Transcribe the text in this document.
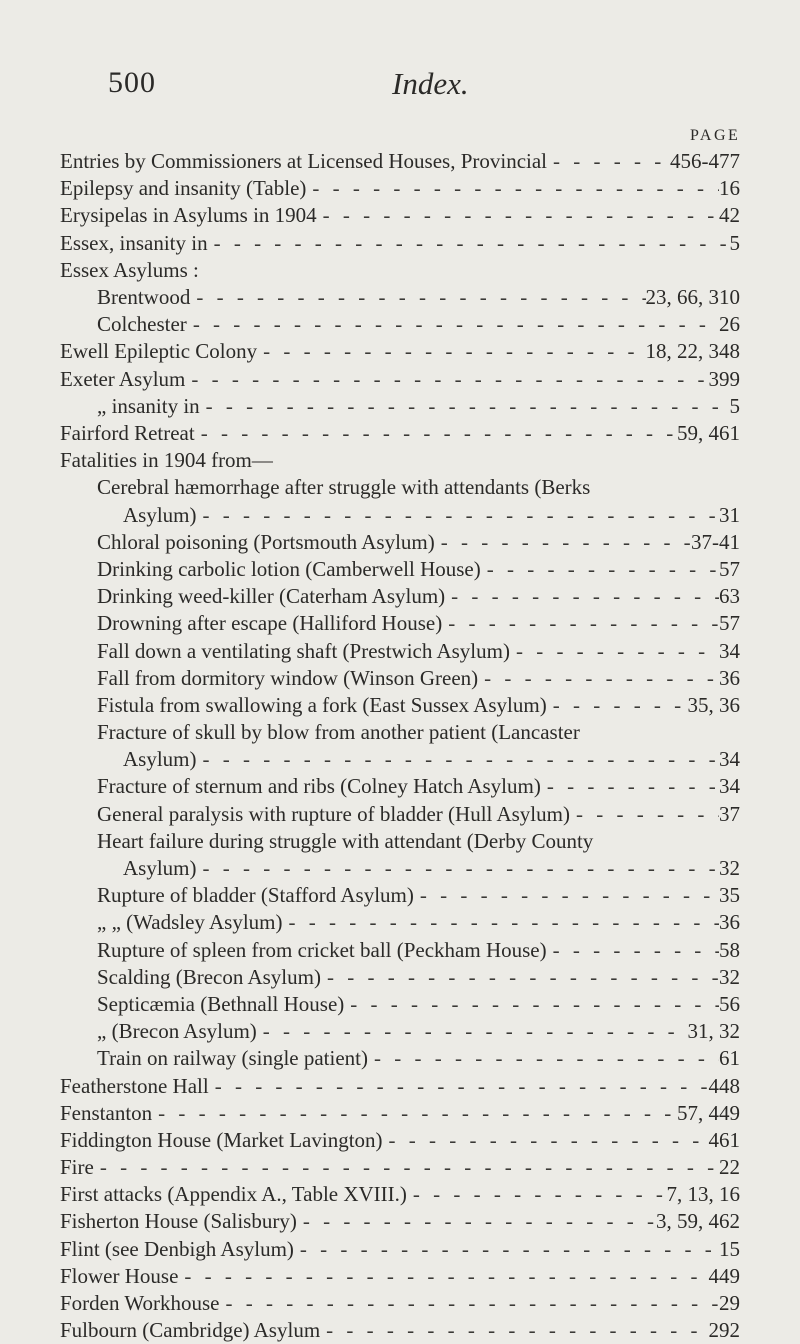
500	Index.
PAGE
Entries by Commissioners at Licensed Houses, Provincial - - -	456-477
Epilepsy and insanity (Table) - - -	16
Erysipelas in Asylums in 1904 - - -	42
Essex, insanity in - - -	5
Essex Asylums :
Brentwood - - -	23, 66, 310
Colchester - - -	26
Ewell Epileptic Colony - - -	18, 22, 348
Exeter Asylum - - -	399
„ insanity in - - -	5
Fairford Retreat - - -	59, 461
Fatalities in 1904 from—
Cerebral hæmorrhage after struggle with attendants (Berks
Asylum) - - -	31
Chloral poisoning (Portsmouth Asylum) - - -	37-41
Drinking carbolic lotion (Camberwell House) - - -	57
Drinking weed-killer (Caterham Asylum) - - -	63
Drowning after escape (Halliford House) - - -	57
Fall down a ventilating shaft (Prestwich Asylum) - - -	34
Fall from dormitory window (Winson Green) - - -	36
Fistula from swallowing a fork (East Sussex Asylum) - - -	35, 36
Fracture of skull by blow from another patient (Lancaster
Asylum) - - -	34
Fracture of sternum and ribs (Colney Hatch Asylum) - - -	34
General paralysis with rupture of bladder (Hull Asylum) - - -	37
Heart failure during struggle with attendant (Derby County
Asylum) - - -	32
Rupture of bladder (Stafford Asylum) - - -	35
„ „ (Wadsley Asylum) - - -	36
Rupture of spleen from cricket ball (Peckham House) - - -	58
Scalding (Brecon Asylum) - - -	32
Septicæmia (Bethnall House) - - -	56
„ (Brecon Asylum) - - -	31, 32
Train on railway (single patient) - - -	61
Featherstone Hall - - -	448
Fenstanton - - -	57, 449
Fiddington House (Market Lavington) - - -	461
Fire - - -	22
First attacks (Appendix A., Table XVIII.) - - -	7, 13, 16
Fisherton House (Salisbury) - - -	3, 59, 462
Flint (see Denbigh Asylum) - - -	15
Flower House - - -	449
Forden Workhouse - - -	29
Fulbourn (Cambridge) Asylum - - -	292
